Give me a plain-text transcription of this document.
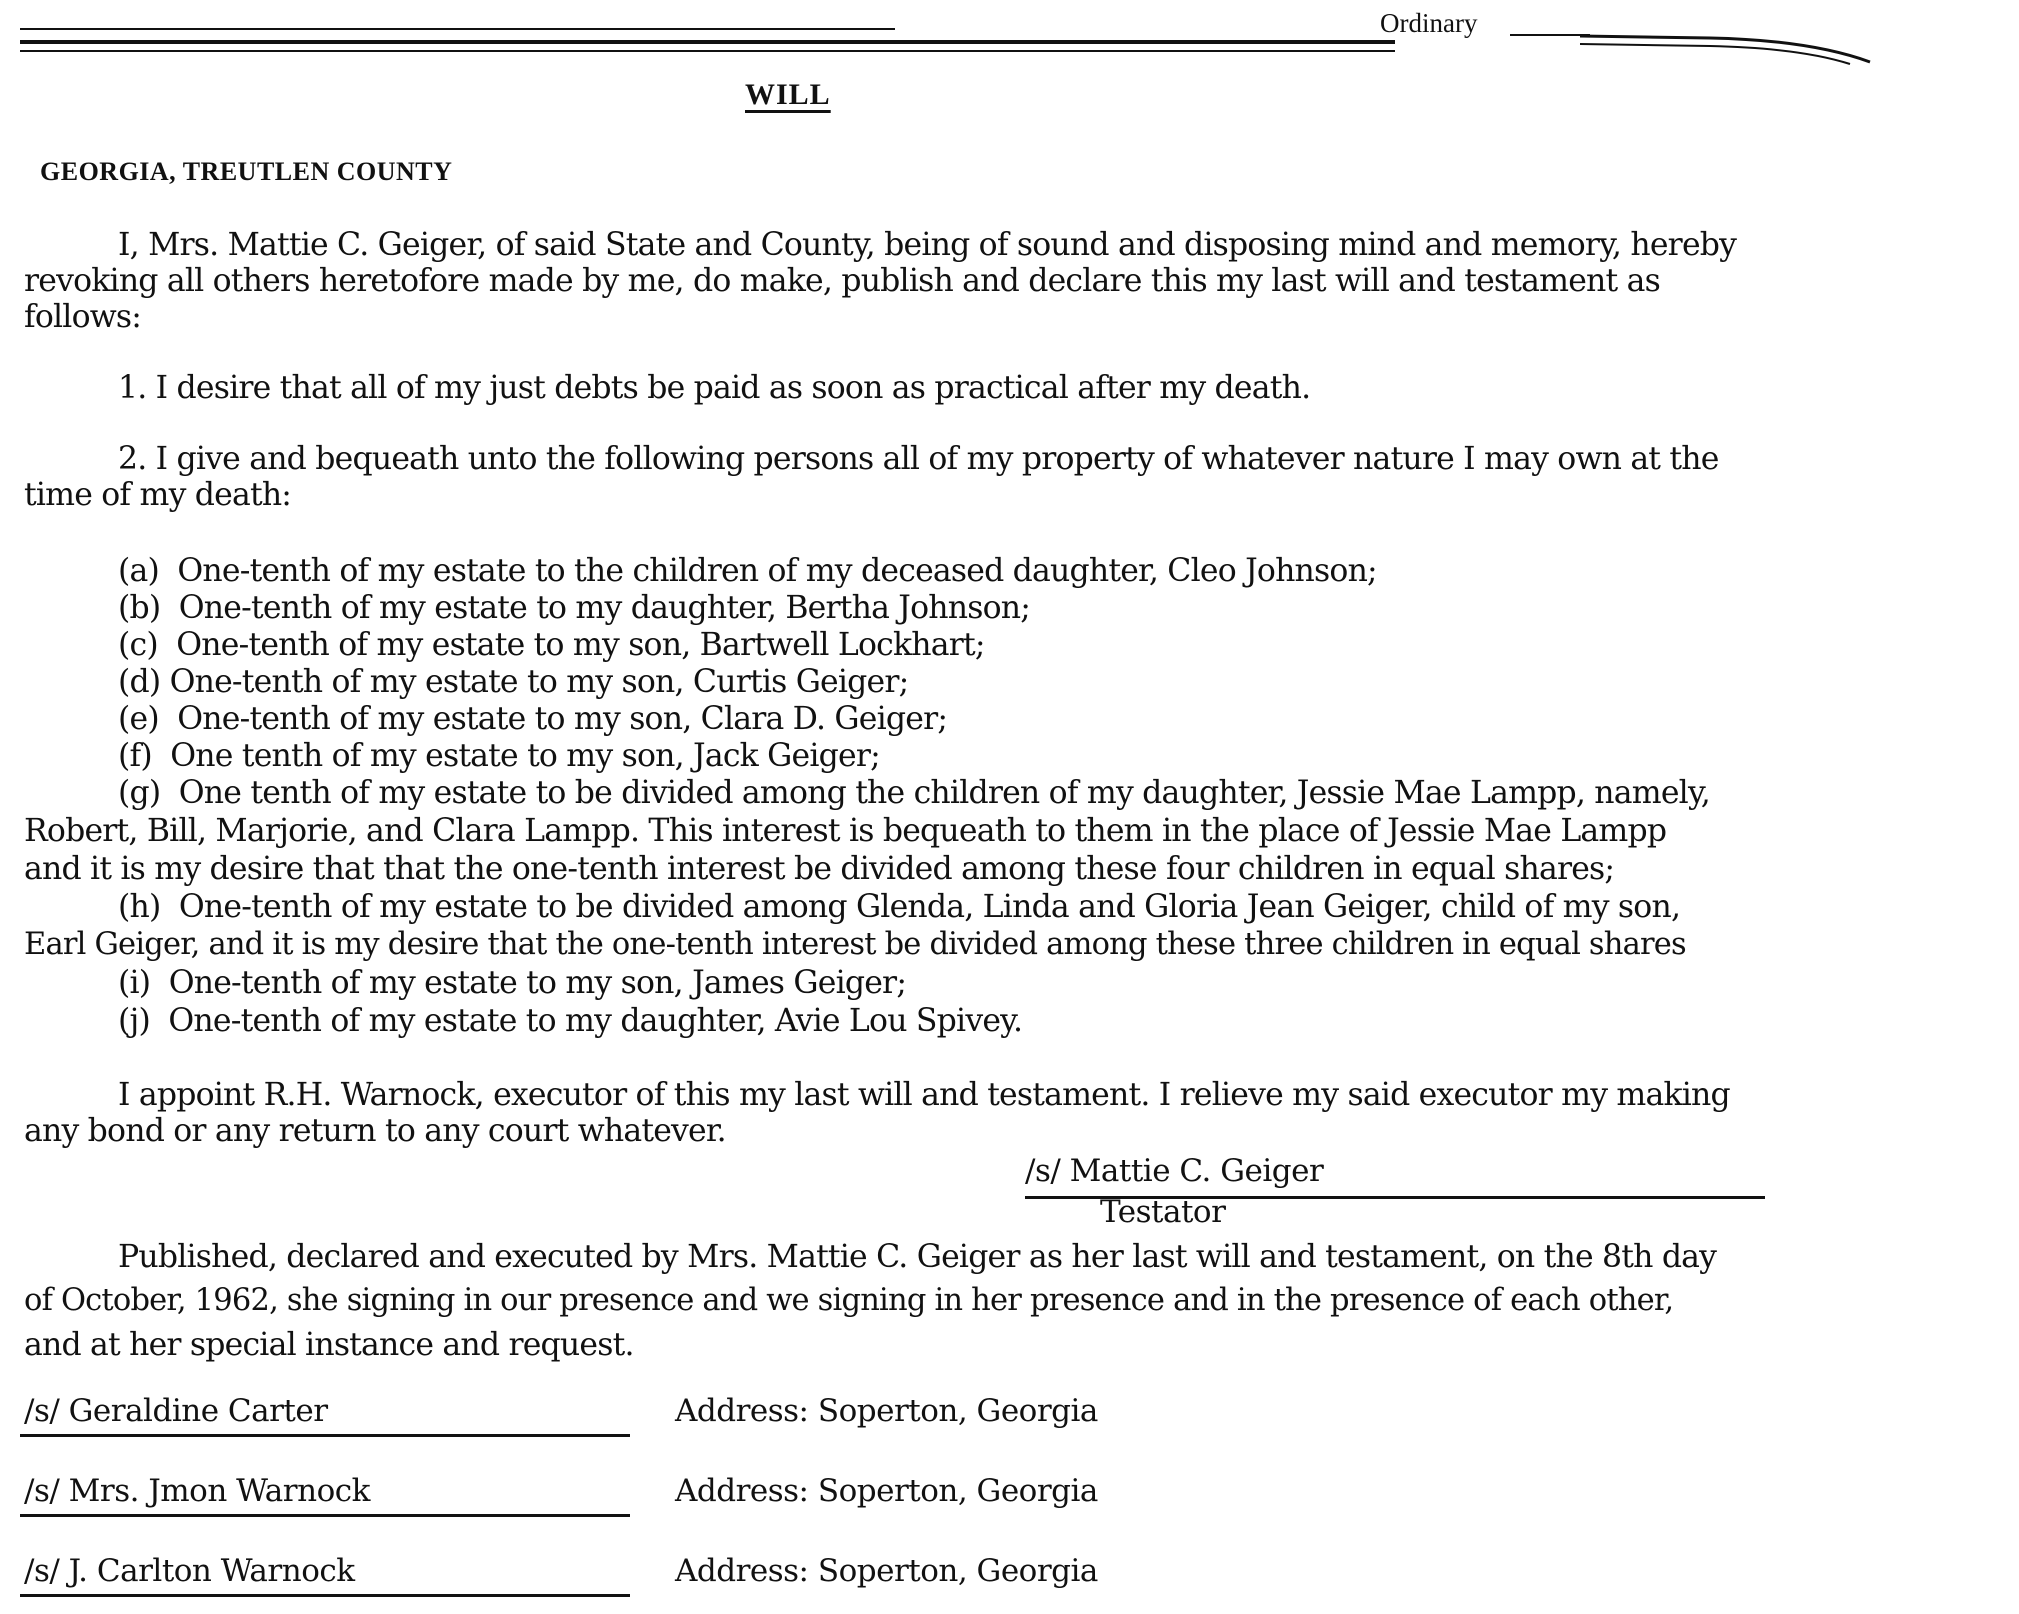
Ordinary
WILL
GEORGIA, TREUTLEN COUNTY
I, Mrs. Mattie C. Geiger, of said State and County, being of sound and disposing mind and memory, hereby
revoking all others heretofore made by me, do make, publish and declare this my last will and testament as
follows:
1. I desire that all of my just debts be paid as soon as practical after my death.
2. I give and bequeath unto the following persons all of my property of whatever nature I may own at the
time of my death:
(a) One-tenth of my estate to the children of my deceased daughter, Cleo Johnson;
(b) One-tenth of my estate to my daughter, Bertha Johnson;
(c) One-tenth of my estate to my son, Bartwell Lockhart;
(d) One-tenth of my estate to my son, Curtis Geiger;
(e) One-tenth of my estate to my son, Clara D. Geiger;
(f) One tenth of my estate to my son, Jack Geiger;
(g) One tenth of my estate to be divided among the children of my daughter, Jessie Mae Lampp, namely,
Robert, Bill, Marjorie, and Clara Lampp. This interest is bequeath to them in the place of Jessie Mae Lampp
and it is my desire that that the one-tenth interest be divided among these four children in equal shares;
(h) One-tenth of my estate to be divided among Glenda, Linda and Gloria Jean Geiger, child of my son,
Earl Geiger, and it is my desire that the one-tenth interest be divided among these three children in equal shares
(i) One-tenth of my estate to my son, James Geiger;
(j) One-tenth of my estate to my daughter, Avie Lou Spivey.
I appoint R.H. Warnock, executor of this my last will and testament. I relieve my said executor my making
any bond or any return to any court whatever.
/s/ Mattie C. Geiger
Testator
Published, declared and executed by Mrs. Mattie C. Geiger as her last will and testament, on the 8th day
of October, 1962, she signing in our presence and we signing in her presence and in the presence of each other,
and at her special instance and request.
/s/ Geraldine Carter	Address: Soperton, Georgia
/s/ Mrs. Jmon Warnock	Address: Soperton, Georgia
/s/ J. Carlton Warnock	Address: Soperton, Georgia
